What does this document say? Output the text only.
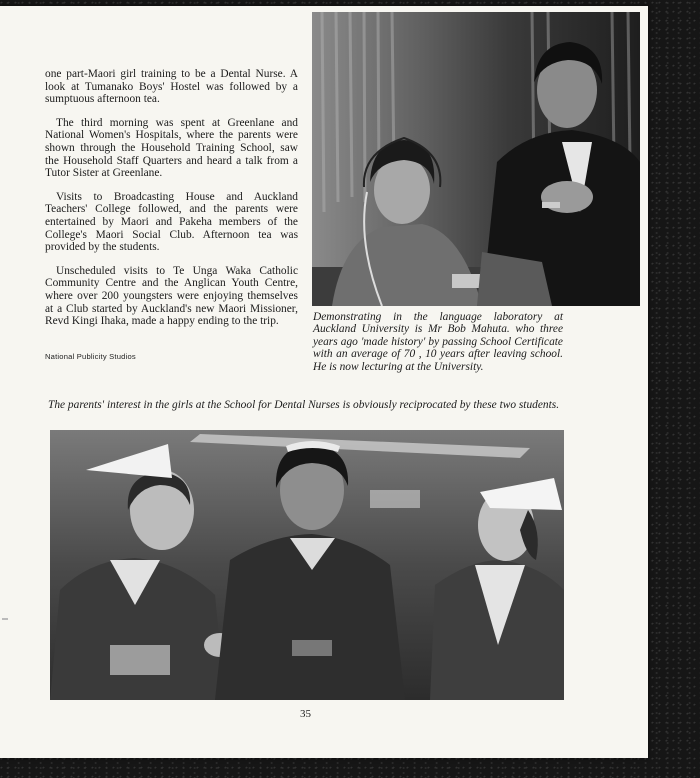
one part-Maori girl training to be a Dental Nurse. A look at Tumanako Boys' Hostel was followed by a sumptuous afternoon tea.

The third morning was spent at Greenlane and National Women's Hospitals, where the parents were shown through the Household Training School, saw the Household Staff Quarters and heard a talk from a Tutor Sister at Greenlane.

Visits to Broadcasting House and Auckland Teachers' College followed, and the parents were entertained by Maori and Pakeha members of the College's Maori Social Club. Afternoon tea was provided by the students.

Unscheduled visits to Te Unga Waka Catholic Community Centre and the Anglican Youth Centre, where over 200 youngsters were enjoying themselves at a Club started by Auckland's new Maori Missioner, Revd Kingi Ihaka, made a happy ending to the trip.

National Publicity Studios
Demonstrating in the language laboratory at Auckland University is Mr Bob Mahuta. who three years ago 'made history' by passing School Certificate with an average of 70 , 10 years after leaving school. He is now lecturing at the University.
The parents' interest in the girls at the School for Dental Nurses is obviously reciprocated by these two students.
35
